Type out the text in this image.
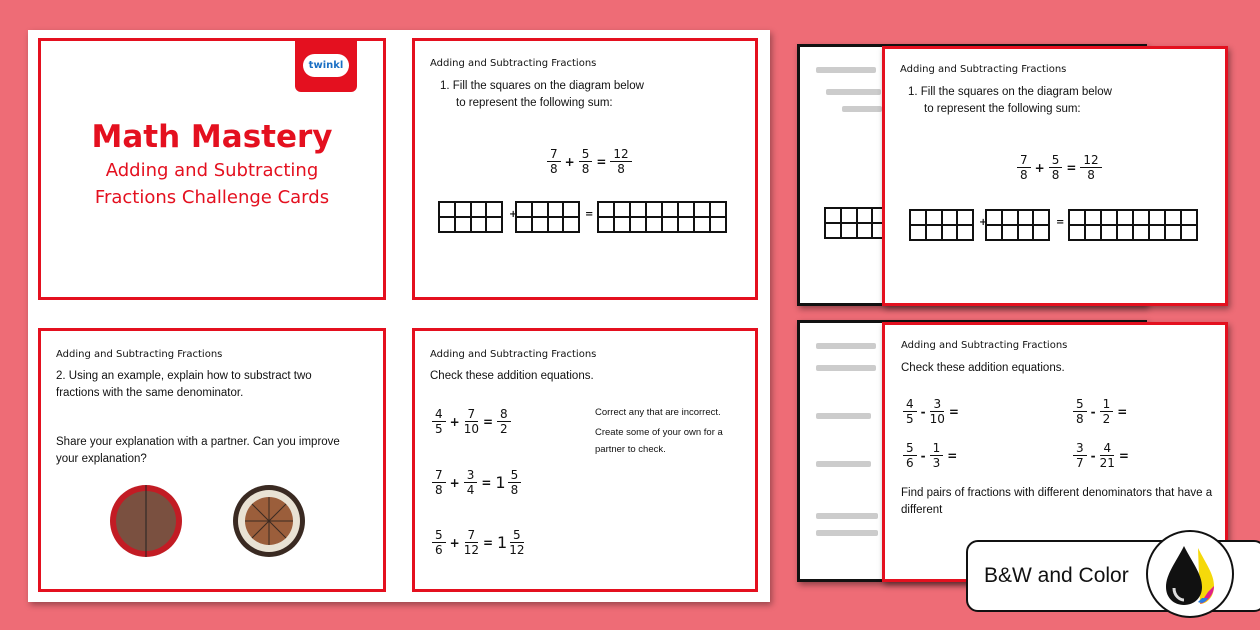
twinkl
Math Mastery
Adding and Subtracting
Fractions Challenge Cards
Adding and Subtracting Fractions
1. Fill the squares on the diagram below
to represent the following sum:
$\frac{7}{8} + \frac{5}{8} = \frac{12}{8}$
+	=
Adding and Subtracting Fractions
2. Using an example, explain how to substract two
fractions with the same denominator.
Share your explanation with a partner. Can you improve
your explanation?
Adding and Subtracting Fractions
Check these addition equations.
$\frac{4}{5} + \frac{7}{10} = \frac{8}{2}$
$\frac{7}{8} + \frac{3}{4} = 1 \frac{5}{8}$
$\frac{5}{6} + \frac{7}{12} = 1 \frac{5}{12}$
Correct any that are incorrect.
Create some of your own for a
partner to check.
Adding and Subtracting Fractions
1. Fill the squares on the diagram below
to represent the following sum:
$\frac{7}{8} + \frac{5}{8} = \frac{12}{8}$
+	=
Adding and Subtracting Fractions
Check these addition equations.
$\frac{4}{5} - \frac{3}{10}$ =
$\frac{5}{6} - \frac{1}{3}$ =
$\frac{5}{8} - \frac{1}{2}$ =
$\frac{3}{7} - \frac{4}{21}$ =
Find pairs of fractions with different denominators that have a different
B&W and Color
